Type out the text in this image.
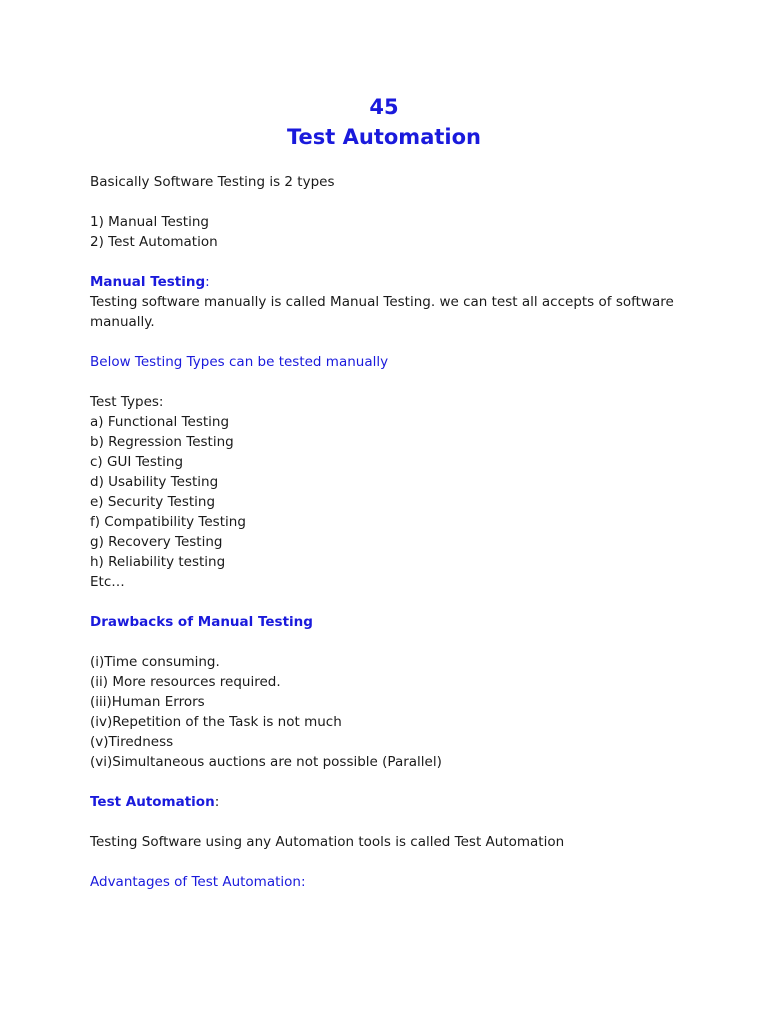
45
Test Automation
Basically Software Testing is 2 types
1) Manual Testing
2) Test Automation
Manual Testing:
Testing software manually is called Manual Testing. we can test all accepts of software manually.
Below Testing Types can be tested manually
Test Types:
a) Functional Testing
b) Regression Testing
c) GUI Testing
d) Usability Testing
e) Security Testing
f) Compatibility Testing
g) Recovery Testing
h) Reliability testing
Etc…
Drawbacks of Manual Testing
(i)Time consuming.
(ii) More resources required.
(iii)Human Errors
(iv)Repetition of the Task is not much
(v)Tiredness
(vi)Simultaneous auctions are not possible (Parallel)
Test Automation:
Testing Software using any Automation tools is called Test Automation
Advantages of Test Automation:
